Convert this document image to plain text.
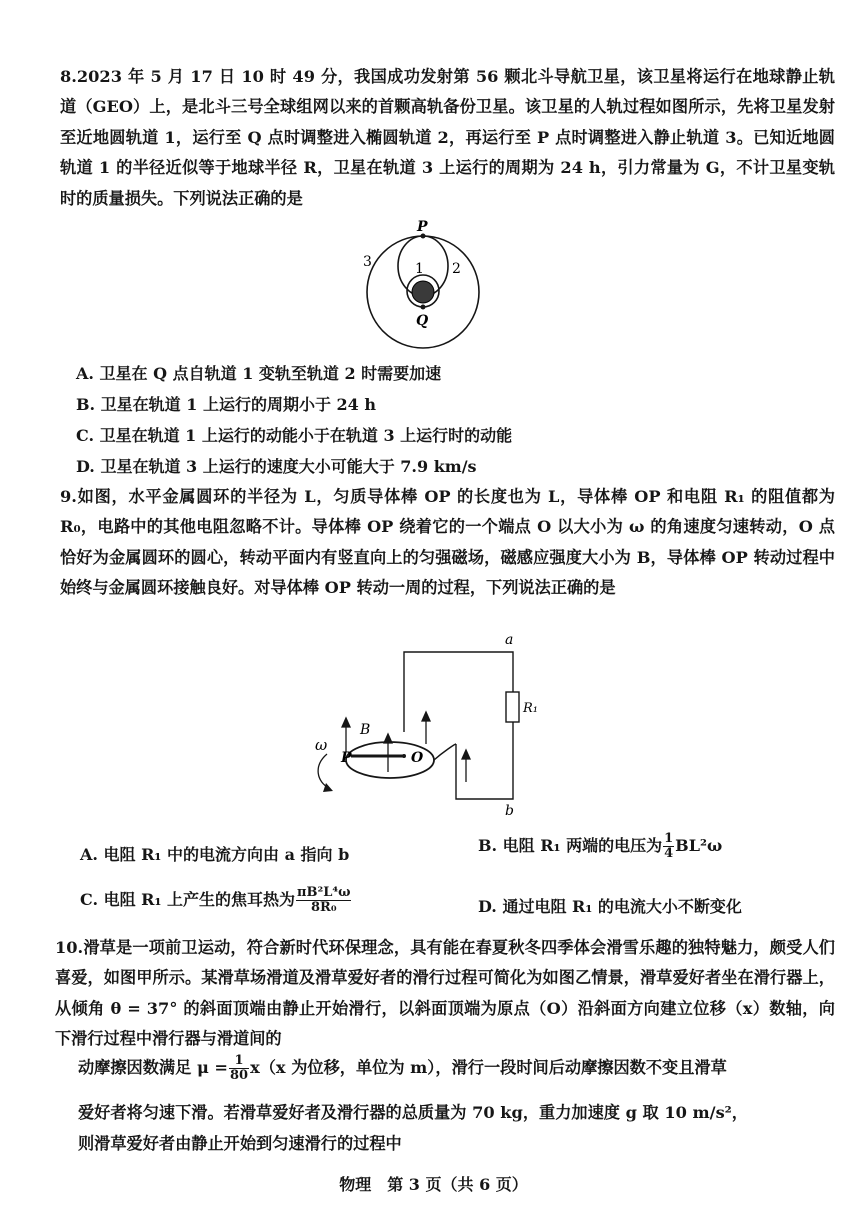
8.2023 年 5 月 17 日 10 时 49 分，我国成功发射第 56 颗北斗导航卫星，该卫星将运行在地球静止轨道（GEO）上，是北斗三号全球组网以来的首颗高轨备份卫星。该卫星的人轨过程如图所示，先将卫星发射至近地圆轨道 1，运行至 Q 点时调整进入椭圆轨道 2，再运行至 P 点时调整进入静止轨道 3。已知近地圆轨道 1 的半径近似等于地球半径 R，卫星在轨道 3 上运行的周期为 24 h，引力常量为 G，不计卫星变轨时的质量损失。下列说法正确的是
P
Q
1 2
3
A. 卫星在 Q 点自轨道 1 变轨至轨道 2 时需要加速
B. 卫星在轨道 1 上运行的周期小于 24 h
C. 卫星在轨道 1 上运行的动能小于在轨道 3 上运行时的动能
D. 卫星在轨道 3 上运行的速度大小可能大于 7.9 km/s
9.如图，水平金属圆环的半径为 L，匀质导体棒 OP 的长度也为 L，导体棒 OP 和电阻 R₁ 的阻值都为 R₀，电路中的其他电阻忽略不计。导体棒 OP 绕着它的一个端点 O 以大小为 ω 的角速度匀速转动，O 点恰好为金属圆环的圆心，转动平面内有竖直向上的匀强磁场，磁感应强度大小为 B，导体棒 OP 转动过程中始终与金属圆环接触良好。对导体棒 OP 转动一周的过程，下列说法正确的是
a
b
R₁
B
P	O
ω
A. 电阻 R₁ 中的电流方向由 a 指向 b	B. 电阻 R₁ 两端的电压为 $\frac{1}{4} BL^2\omega$
C. 电阻 R₁ 上产生的焦耳热为 $\frac{\text{πB²L⁴ω}}{\text{8R₀}}$	D. 通过电阻 R₁ 的电流大小不断变化
10.滑草是一项前卫运动，符合新时代环保理念，具有能在春夏秋冬四季体会滑雪乐趣的独特魅力，颇受人们喜爱，如图甲所示。某滑草场滑道及滑草爱好者的滑行过程可简化为如图乙情景，滑草爱好者坐在滑行器上，从倾角 θ = 37° 的斜面顶端由静止开始滑行，以斜面顶端为原点（O）沿斜面方向建立位移（x）数轴，向下滑行过程中滑行器与滑道间的
动摩擦因数满足 $\mu = \frac{1}{80} x(x$ 为位移，单位为 m），滑行一段时间后动摩擦因数不变且滑草
爱好者将匀速下滑。若滑草爱好者及滑行器的总质量为 70 kg，重力加速度 g 取 10 m/s²，
则滑草爱好者由静止开始到匀速滑行的过程中
物理　第 3 页（共 6 页）
